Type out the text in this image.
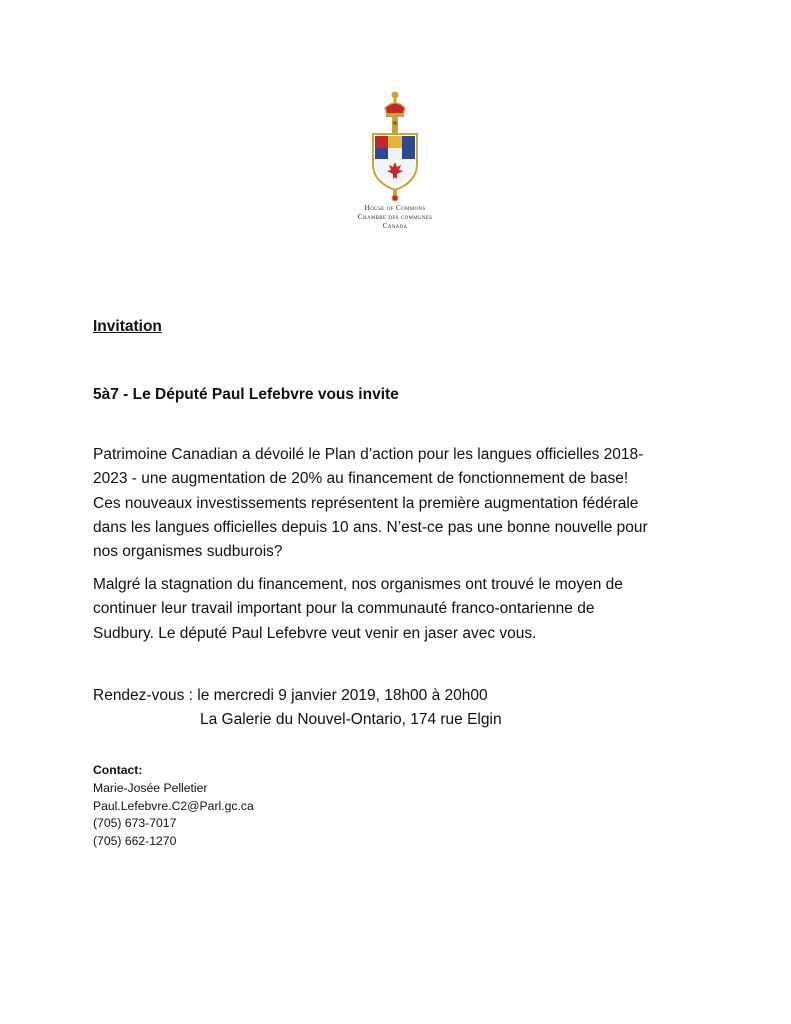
House of Commons
Chambre des communes
Canada
Invitation
5à7 - Le Député Paul Lefebvre vous invite

Patrimoine Canadian a dévoilé le Plan d’action pour les langues officielles 2018-
2023 - une augmentation de 20% au financement de fonctionnement de base!
Ces nouveaux investissements représentent la première augmentation fédérale
dans les langues officielles depuis 10 ans. N’est-ce pas une bonne nouvelle pour
nos organismes sudburois?

Malgré la stagnation du financement, nos organismes ont trouvé le moyen de
continuer leur travail important pour la communauté franco-ontarienne de
Sudbury. Le député Paul Lefebvre veut venir en jaser avec vous.

Rendez-vous : le mercredi 9 janvier 2019, 18h00 à 20h00
La Galerie du Nouvel-Ontario, 174 rue Elgin
Contact:
Marie-Josée Pelletier
Paul.Lefebvre.C2@Parl.gc.ca
(705) 673-7017
(705) 662-1270
